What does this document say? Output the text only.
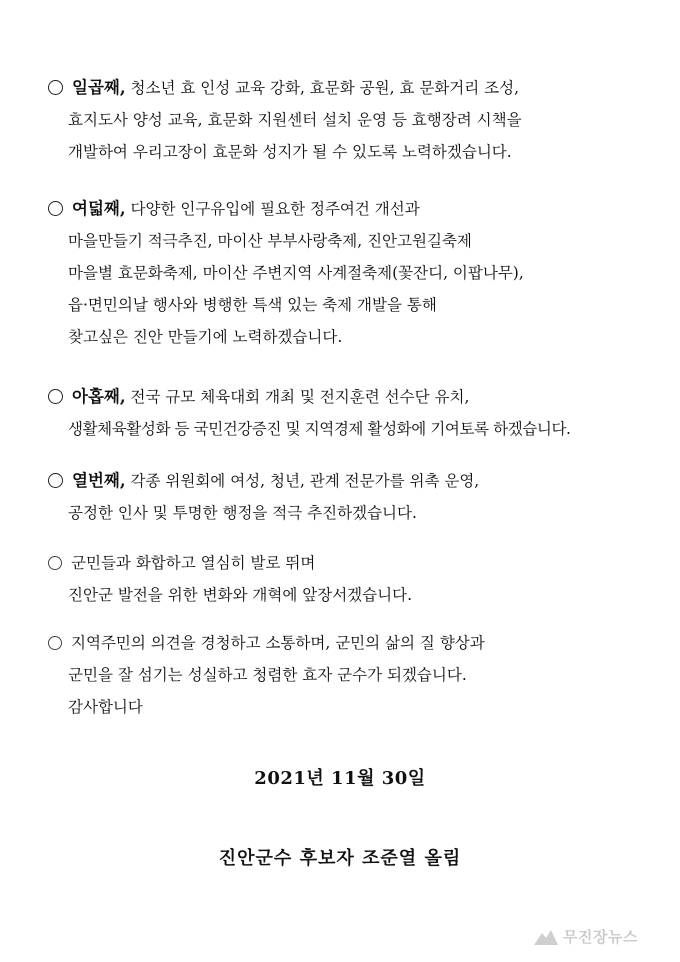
일곱째, 청소년 효 인성 교육 강화, 효문화 공원, 효 문화거리 조성,
효지도사 양성 교육, 효문화 지원센터 설치 운영 등 효행장려 시책을
개발하여 우리고장이 효문화 성지가 될 수 있도록 노력하겠습니다.
여덟째, 다양한 인구유입에 필요한 정주여건 개선과
마을만들기 적극추진, 마이산 부부사랑축제, 진안고원길축제
마을별 효문화축제, 마이산 주변지역 사계절축제(꽃잔디, 이팝나무),
읍·면민의날 행사와 병행한 특색 있는 축제 개발을 통해
찾고싶은 진안 만들기에 노력하겠습니다.
아홉째, 전국 규모 체육대회 개최 및 전지훈련 선수단 유치,
생활체육활성화 등 국민건강증진 및 지역경제 활성화에 기여토록 하겠습니다.
열번째, 각종 위원회에 여성, 청년, 관계 전문가를 위촉 운영,
공정한 인사 및 투명한 행정을 적극 추진하겠습니다.
군민들과 화합하고 열심히 발로 뛰며
진안군 발전을 위한 변화와 개혁에 앞장서겠습니다.
지역주민의 의견을 경청하고 소통하며, 군민의 삶의 질 향상과
군민을 잘 섬기는 성실하고 청렴한 효자 군수가 되겠습니다.
감사합니다
2021년 11월 30일
진안군수 후보자 조준열 올림
무진장뉴스
